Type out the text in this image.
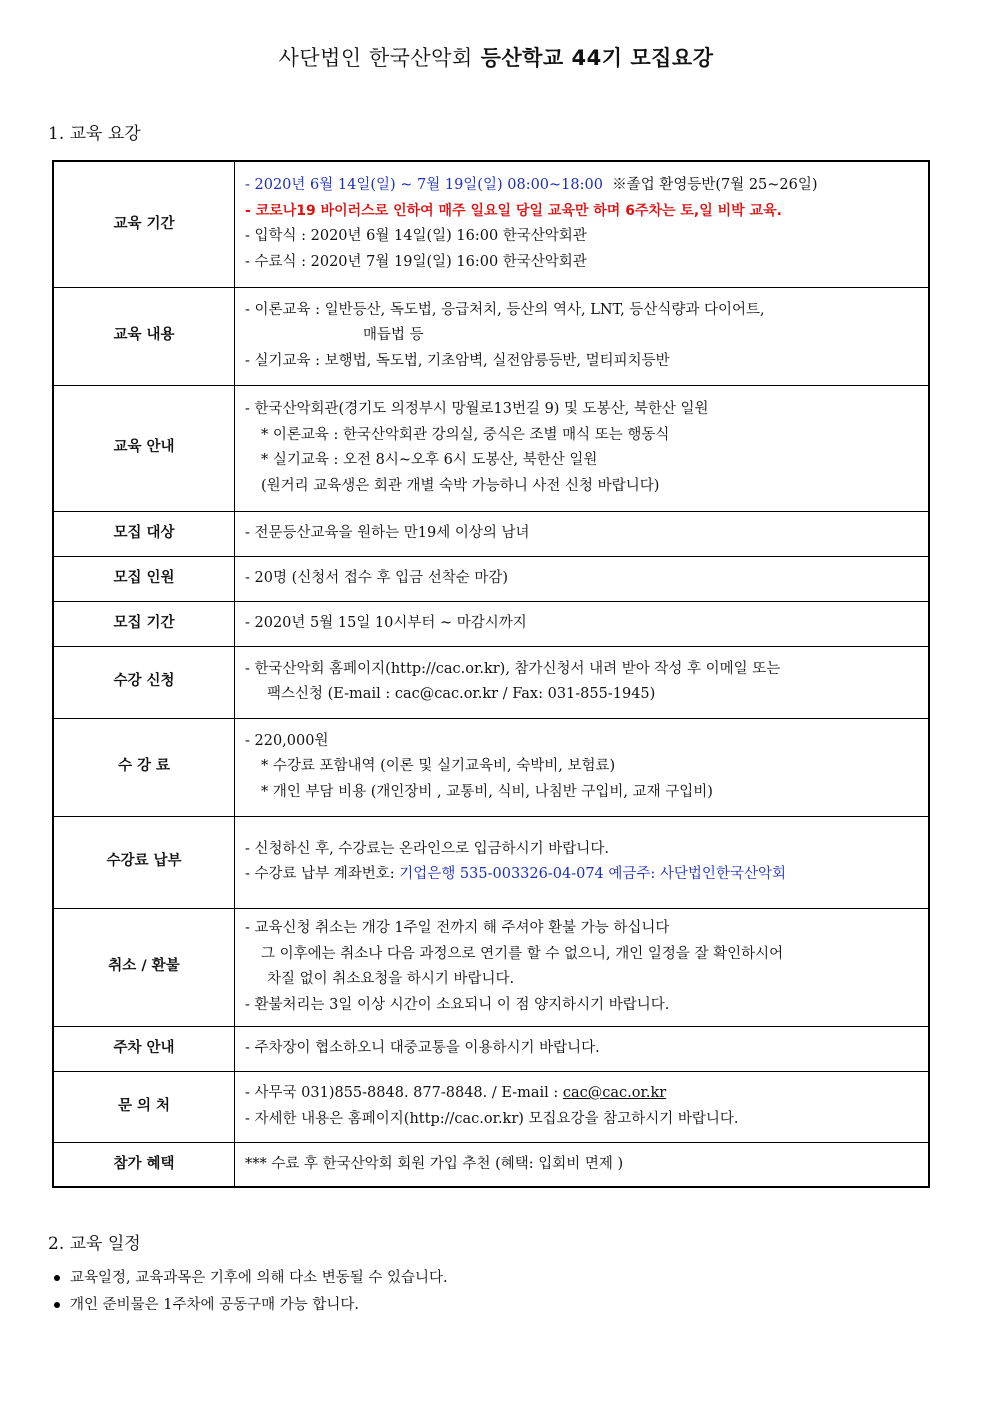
사단법인 한국산악회 등산학교 44기 모집요강
1. 교육 요강
교육 기간	- 2020년 6월 14일(일) ~ 7월 19일(일) 08:00~18:00 ※졸업 환영등반(7월 25~26일)
- 코로나19 바이러스로 인하여 매주 일요일 당일 교육만 하며 6주차는 토,일 비박 교육.
- 입학식 : 2020년 6월 14일(일) 16:00 한국산악회관
- 수료식 : 2020년 7월 19일(일) 16:00 한국산악회관

교육 내용	- 이론교육 : 일반등산, 독도법, 응급처치, 등산의 역사, LNT, 등산식량과 다이어트,
매듭법 등
- 실기교육 : 보행법, 독도법, 기초암벽, 실전암릉등반, 멀티피치등반

교육 안내	- 한국산악회관(경기도 의정부시 망월로13번길 9) 및 도봉산, 북한산 일원
* 이론교육 : 한국산악회관 강의실, 중식은 조별 매식 또는 행동식
* 실기교육 : 오전 8시~오후 6시 도봉산, 북한산 일원
(원거리 교육생은 회관 개별 숙박 가능하니 사전 신청 바랍니다)

모집 대상	- 전문등산교육을 원하는 만19세 이상의 남녀

모집 인원	- 20명 (신청서 접수 후 입금 선착순 마감)

모집 기간	- 2020년 5월 15일 10시부터 ~ 마감시까지

수강 신청	- 한국산악회 홈페이지(http://cac.or.kr), 참가신청서 내려 받아 작성 후 이메일 또는
팩스신청 (E-mail : cac@cac.or.kr / Fax: 031-855-1945)

수 강 료	- 220,000원
* 수강료 포함내역 (이론 및 실기교육비, 숙박비, 보험료)
* 개인 부담 비용 (개인장비 , 교통비, 식비, 나침반 구입비, 교재 구입비)

수강료 납부	- 신청하신 후, 수강료는 온라인으로 입금하시기 바랍니다.
- 수강료 납부 계좌번호: 기업은행 535-003326-04-074 예금주: 사단법인한국산악회

취소 / 환불	- 교육신청 취소는 개강 1주일 전까지 해 주셔야 환불 가능 하십니다
그 이후에는 취소나 다음 과정으로 연기를 할 수 없으니, 개인 일정을 잘 확인하시어
차질 없이 취소요청을 하시기 바랍니다.
- 환불처리는 3일 이상 시간이 소요되니 이 점 양지하시기 바랍니다.

주차 안내	- 주차장이 협소하오니 대중교통을 이용하시기 바랍니다.

문 의 처	- 사무국 031)855-8848. 877-8848. / E-mail : cac@cac.or.kr
- 자세한 내용은 홈페이지(http://cac.or.kr) 모집요강을 참고하시기 바랍니다.

참가 혜택	*** 수료 후 한국산악회 회원 가입 추천 (혜택: 입회비 면제 )
2. 교육 일정
교육일정, 교육과목은 기후에 의해 다소 변동될 수 있습니다.
개인 준비물은 1주차에 공동구매 가능 합니다.
